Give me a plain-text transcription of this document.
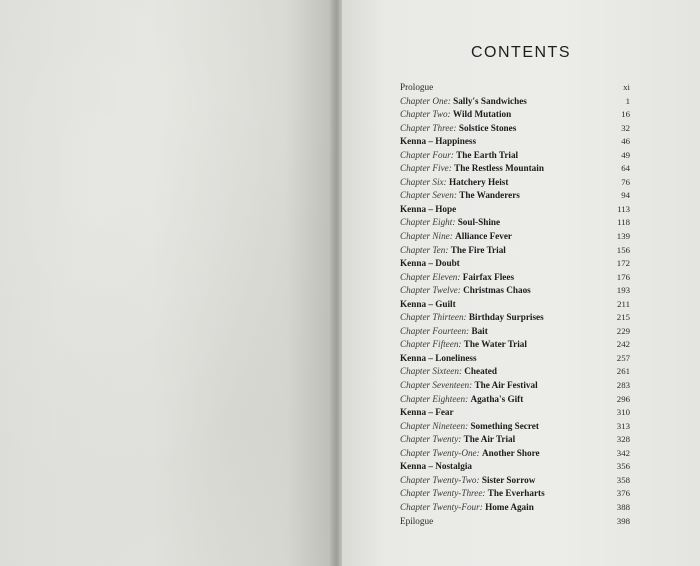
CONTENTS
Prologue	xi
Chapter One: Sally's Sandwiches	1
Chapter Two: Wild Mutation	16
Chapter Three: Solstice Stones	32
Kenna – Happiness	46
Chapter Four: The Earth Trial	49
Chapter Five: The Restless Mountain	64
Chapter Six: Hatchery Heist	76
Chapter Seven: The Wanderers	94
Kenna – Hope	113
Chapter Eight: Soul-Shine	118
Chapter Nine: Alliance Fever	139
Chapter Ten: The Fire Trial	156
Kenna – Doubt	172
Chapter Eleven: Fairfax Flees	176
Chapter Twelve: Christmas Chaos	193
Kenna – Guilt	211
Chapter Thirteen: Birthday Surprises	215
Chapter Fourteen: Bait	229
Chapter Fifteen: The Water Trial	242
Kenna – Loneliness	257
Chapter Sixteen: Cheated	261
Chapter Seventeen: The Air Festival	283
Chapter Eighteen: Agatha's Gift	296
Kenna – Fear	310
Chapter Nineteen: Something Secret	313
Chapter Twenty: The Air Trial	328
Chapter Twenty-One: Another Shore	342
Kenna – Nostalgia	356
Chapter Twenty-Two: Sister Sorrow	358
Chapter Twenty-Three: The Everharts	376
Chapter Twenty-Four: Home Again	388
Epilogue	398
